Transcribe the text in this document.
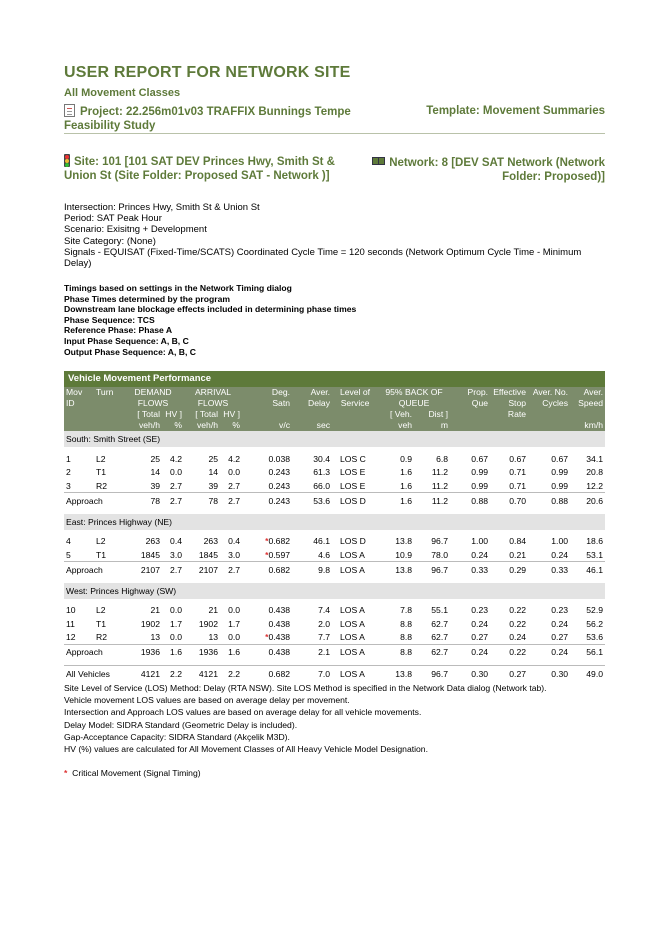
USER REPORT FOR NETWORK SITE
All Movement Classes
Project: 22.256m01v03 TRAFFIX Bunnings Tempe Feasibility Study
Template: Movement Summaries
Site: 101 [101 SAT DEV Princes Hwy, Smith St & Union St (Site Folder: Proposed SAT - Network )]
Network: 8 [DEV SAT Network (Network Folder: Proposed)]
Intersection: Princes Hwy, Smith St & Union St
Period: SAT Peak Hour
Scenario: Exisitng + Development
Site Category: (None)
Signals - EQUISAT (Fixed-Time/SCATS) Coordinated Cycle Time = 120 seconds (Network Optimum Cycle Time - Minimum Delay)
Timings based on settings in the Network Timing dialog
Phase Times determined by the program
Downstream lane blockage effects included in determining phase times
Phase Sequence: TCS
Reference Phase: Phase A
Input Phase Sequence: A, B, C
Output Phase Sequence: A, B, C
Vehicle Movement Performance
Mov	Turn	DEMAND		ARRIVAL		Deg.	Aver.	Level of	95% BACK OF		Prop.	Effective	Aver. No.	Aver.
ID		FLOWS		FLOWS		Satn	Delay	Service	QUEUE		Que	Stop	Cycles	Speed
		[ Total	HV ]	[ Total	HV ]				[ Veh.	Dist ]		Rate		
		veh/h	%	veh/h	%	v/c	sec		veh	m				km/h
South: Smith Street (SE)														

1	L2	25	4.2	25	4.2	0.038	30.4	LOS C	0.9	6.8	0.67	0.67	0.67	34.1
2	T1	14	0.0	14	0.0	0.243	61.3	LOS E	1.6	11.2	0.99	0.71	0.99	20.8
3	R2	39	2.7	39	2.7	0.243	66.0	LOS E	1.6	11.2	0.99	0.71	0.99	12.2
Approach		78	2.7	78	2.7	0.243	53.6	LOS D	1.6	11.2	0.88	0.70	0.88	20.6

East: Princes Highway (NE)														

4	L2	263	0.4	263	0.4	*0.682	46.1	LOS D	13.8	96.7	1.00	0.84	1.00	18.6
5	T1	1845	3.0	1845	3.0	*0.597	4.6	LOS A	10.9	78.0	0.24	0.21	0.24	53.1
Approach		2107	2.7	2107	2.7	0.682	9.8	LOS A	13.8	96.7	0.33	0.29	0.33	46.1

West: Princes Highway (SW)														

10	L2	21	0.0	21	0.0	0.438	7.4	LOS A	7.8	55.1	0.23	0.22	0.23	52.9
11	T1	1902	1.7	1902	1.7	0.438	2.0	LOS A	8.8	62.7	0.24	0.22	0.24	56.2
12	R2	13	0.0	13	0.0	*0.438	7.7	LOS A	8.8	62.7	0.27	0.24	0.27	53.6
Approach		1936	1.6	1936	1.6	0.438	2.1	LOS A	8.8	62.7	0.24	0.22	0.24	56.1

All Vehicles		4121	2.2	4121	2.2	0.682	7.0	LOS A	13.8	96.7	0.30	0.27	0.30	49.0
Site Level of Service (LOS) Method: Delay (RTA NSW). Site LOS Method is specified in the Network Data dialog (Network tab).
Vehicle movement LOS values are based on average delay per movement.
Intersection and Approach LOS values are based on average delay for all vehicle movements.
Delay Model: SIDRA Standard (Geometric Delay is included).
Gap-Acceptance Capacity: SIDRA Standard (Akçelik M3D).
HV (%) values are calculated for All Movement Classes of All Heavy Vehicle Model Designation.
* Critical Movement (Signal Timing)
